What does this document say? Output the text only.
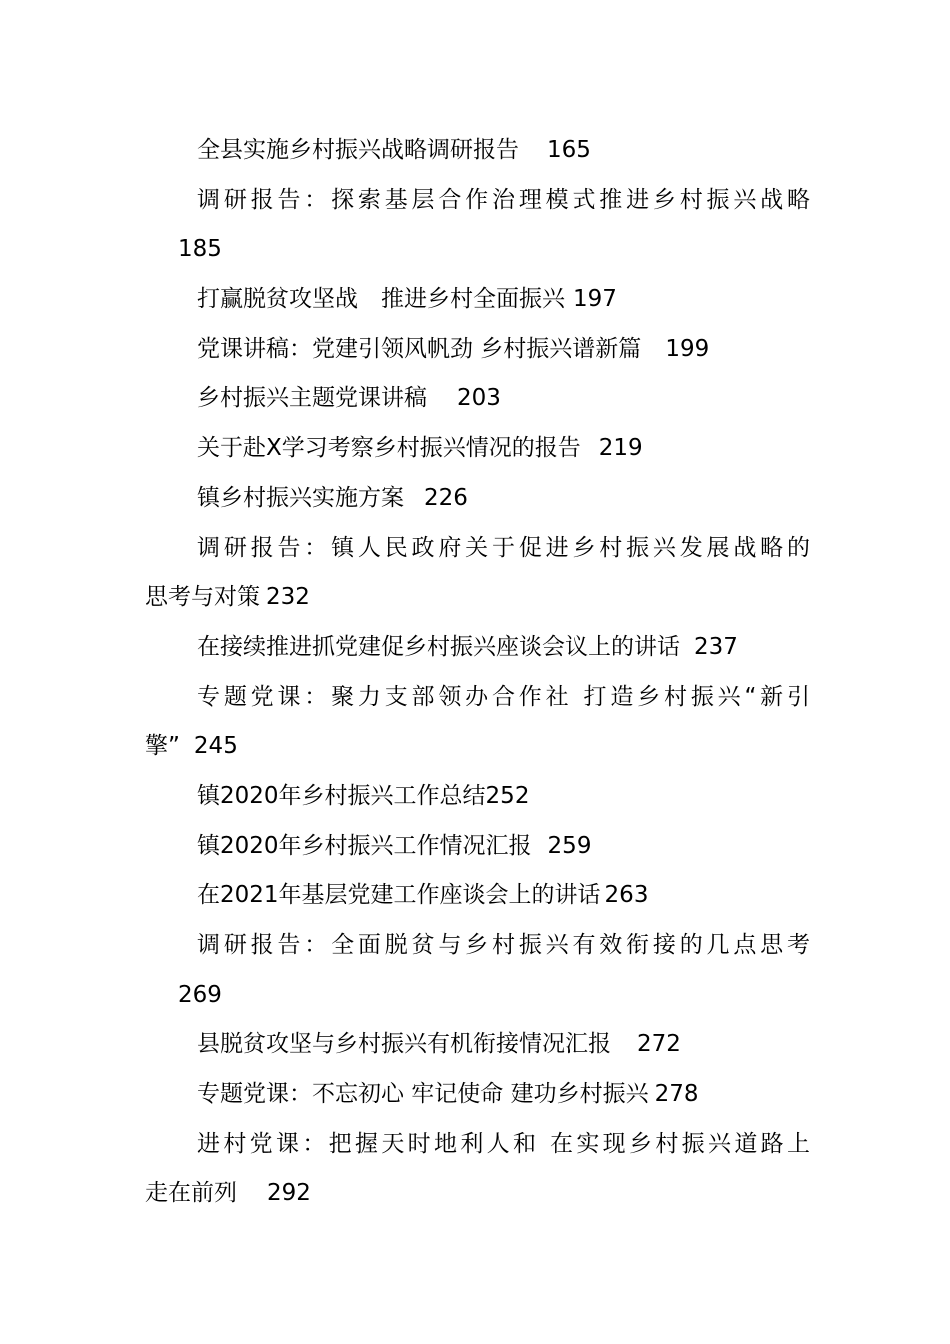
全县实施乡村振兴战略调研报告 165
调研报告：探索基层合作治理模式推进乡村振兴战略
185
打赢脱贫攻坚战　推进乡村全面振兴 197
党课讲稿：党建引领风帆劲 乡村振兴谱新篇 199
乡村振兴主题党课讲稿 203
关于赴X学习考察乡村振兴情况的报告 219
镇乡村振兴实施方案 226
调研报告：镇人民政府关于促进乡村振兴发展战略的
思考与对策 232
在接续推进抓党建促乡村振兴座谈会议上的讲话 237
专题党课：聚力支部领办合作社 打造乡村振兴“新引
擎” 245
镇2020年乡村振兴工作总结252
镇2020年乡村振兴工作情况汇报 259
在2021年基层党建工作座谈会上的讲话 263
调研报告：全面脱贫与乡村振兴有效衔接的几点思考
269
县脱贫攻坚与乡村振兴有机衔接情况汇报 272
专题党课：不忘初心 牢记使命 建功乡村振兴 278
进村党课：把握天时地利人和 在实现乡村振兴道路上
走在前列 292
